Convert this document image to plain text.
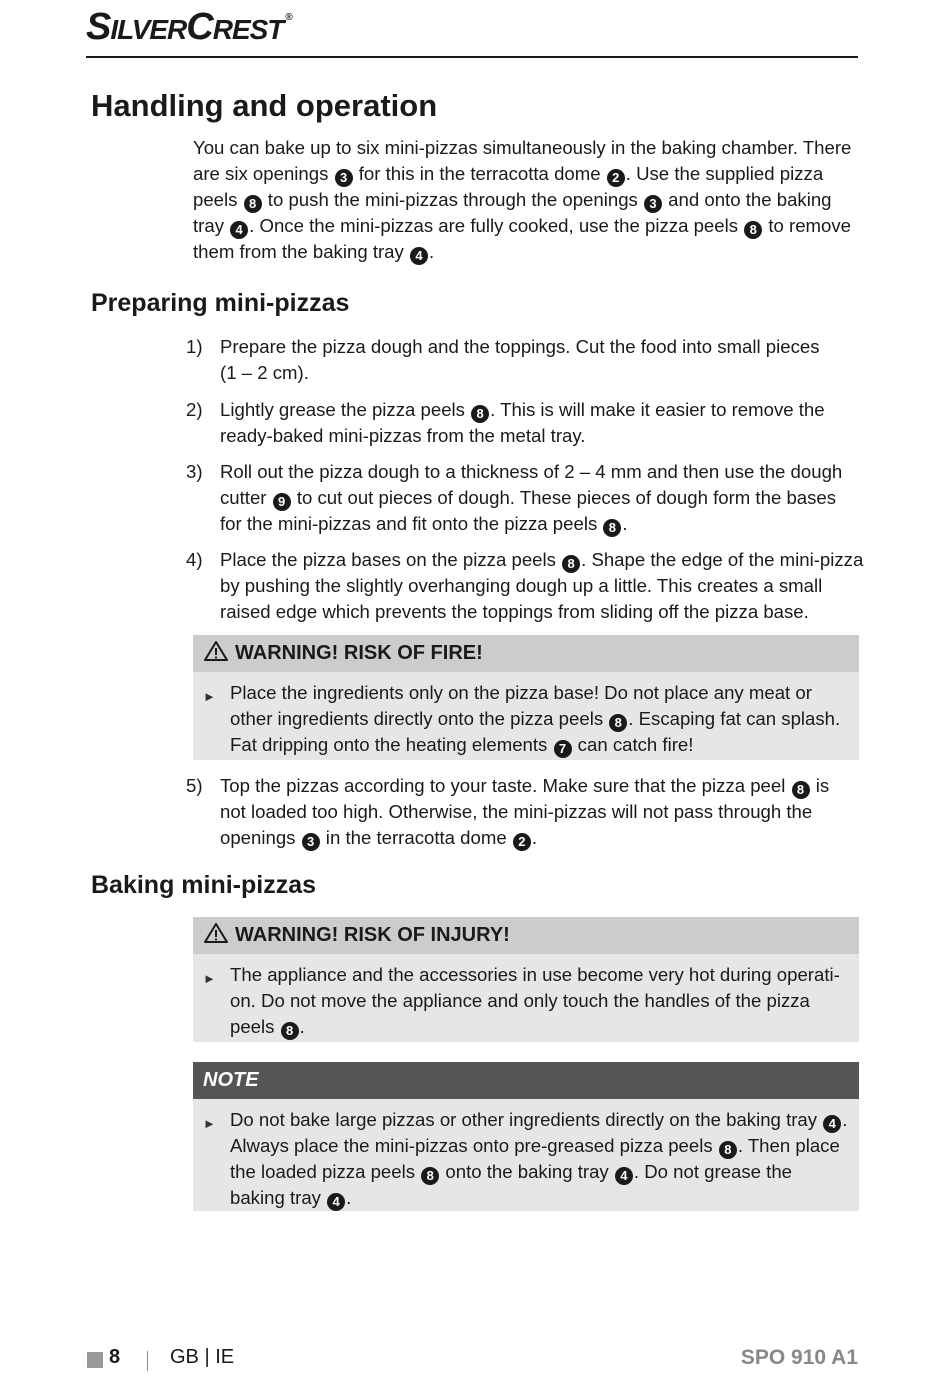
SILVERCREST ®
Handling and operation
You can bake up to six mini-pizzas simultaneously in the baking chamber. There
are six openings 3 for this in the terracotta dome 2 . Use the supplied pizza
peels 8 to push the mini-pizzas through the openings 3 and onto the baking
tray 4 . Once the mini-pizzas are fully cooked, use the pizza peels 8 to remove
them from the baking tray 4 .
Preparing mini-pizzas
1) Prepare the pizza dough and the toppings. Cut the food into small pieces
(1 – 2 cm).
2) Lightly grease the pizza peels 8 . This is will make it easier to remove the
ready-baked mini-pizzas from the metal tray.
3) Roll out the pizza dough to a thickness of 2 – 4 mm and then use the dough
cutter 9 to cut out pieces of dough. These pieces of dough form the bases
for the mini-pizzas and fit onto the pizza peels 8 .
4) Place the pizza bases on the pizza peels 8 . Shape the edge of the mini-pizza
by pushing the slightly overhanging dough up a little. This creates a small
raised edge which prevents the toppings from sliding off the pizza base.
WARNING! RISK OF FIRE!
► Place the ingredients only on the pizza base! Do not place any meat or
other ingredients directly onto the pizza peels 8 . Escaping fat can splash.
Fat dripping onto the heating elements 7 can catch fire!
5) Top the pizzas according to your taste. Make sure that the pizza peel 8 is
not loaded too high. Otherwise, the mini-pizzas will not pass through the
openings 3 in the terracotta dome 2 .
Baking mini-pizzas
WARNING! RISK OF INJURY!
► The appliance and the accessories in use become very hot during operati-
on. Do not move the appliance and only touch the handles of the pizza
peels 8 .
NOTE
► Do not bake large pizzas or other ingredients directly on the baking tray 4 .
Always place the mini-pizzas onto pre-greased pizza peels 8 . Then place
the loaded pizza peels 8 onto the baking tray 4 . Do not grease the
baking tray 4 .
8 GB | IE	SPO 910 A1
